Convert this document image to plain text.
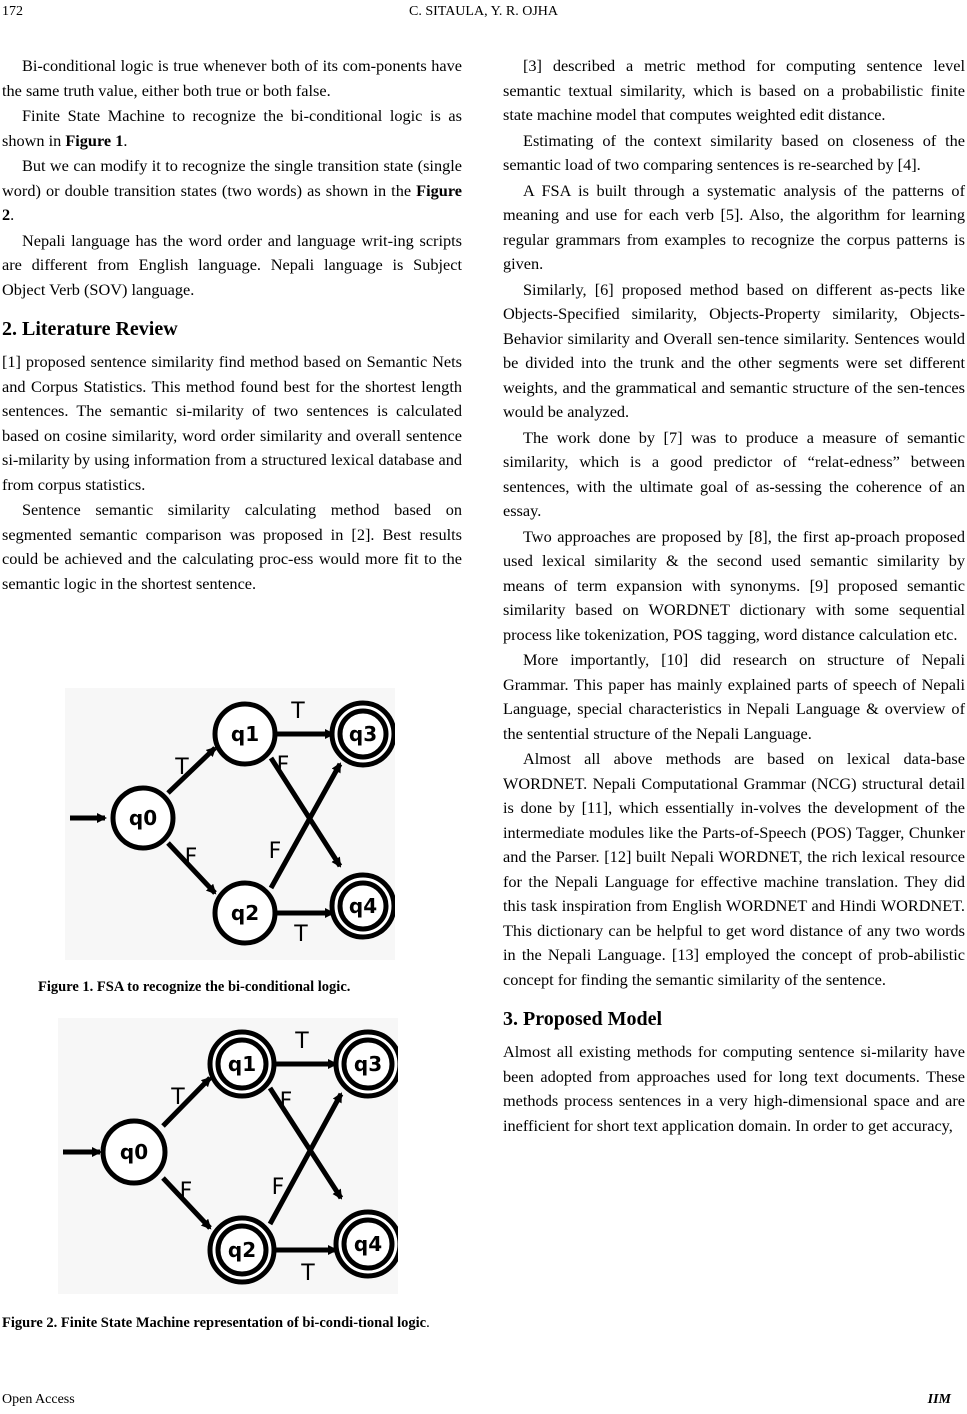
172	C. SITAULA, Y. R. OJHA

Bi-conditional logic is true whenever both of its com-ponents have the same truth value, either both true or both false.

Finite State Machine to recognize the bi-conditional logic is as shown in Figure 1.

But we can modify it to recognize the single transition state (single word) or double transition states (two words) as shown in the Figure 2.

Nepali language has the word order and language writ-ing scripts are different from English language. Nepali language is Subject Object Verb (SOV) language.

2. Literature Review

[1] proposed sentence similarity find method based on Semantic Nets and Corpus Statistics. This method found best for the shortest length sentences. The semantic si-milarity of two sentences is calculated based on cosine similarity, word order similarity and overall sentence si-milarity by using information from a structured lexical database and from corpus statistics.

Sentence semantic similarity calculating method based on segmented semantic comparison was proposed in [2]. Best results could be achieved and the calculating proc-ess would more fit to the semantic logic in the shortest sentence.

q0
q1
q2
q3
q4
T
F
T
F
F
T
Figure 1. FSA to recognize the bi-conditional logic.
q0
q1
q2
q3
q4
T
F
T
F
F
T
Figure 2. Finite State Machine representation of bi-condi-tional logic.

[3] described a metric method for computing sentence level semantic textual similarity, which is based on a probabilistic finite state machine model that computes weighted edit distance.

Estimating of the context similarity based on closeness of the semantic load of two comparing sentences is re-searched by [4].

A FSA is built through a systematic analysis of the patterns of meaning and use for each verb [5]. Also, the algorithm for learning regular grammars from examples to recognize the corpus patterns is given.

Similarly, [6] proposed method based on different as-pects like Objects-Specified similarity, Objects-Property similarity, Objects-Behavior similarity and Overall sen-tence similarity. Sentences would be divided into the trunk and the other segments were set different weights, and the grammatical and semantic structure of the sen-tences would be analyzed.

The work done by [7] was to produce a measure of semantic similarity, which is a good predictor of “relat-edness” between sentences, with the ultimate goal of as-sessing the coherence of an essay.

Two approaches are proposed by [8], the first ap-proach proposed used lexical similarity & the second used semantic similarity by means of term expansion with synonyms. [9] proposed semantic similarity based on WORDNET dictionary with some sequential process like tokenization, POS tagging, word distance calculation etc.

More importantly, [10] did research on structure of Nepali Grammar. This paper has mainly explained parts of speech of Nepali Language, special characteristics in Nepali Language & overview of the sentential structure of the Nepali Language.

Almost all above methods are based on lexical data-base WORDNET. Nepali Computational Grammar (NCG) structural detail is done by [11], which essentially in-volves the development of the intermediate modules like the Parts-of-Speech (POS) Tagger, Chunker and the Parser. [12] built Nepali WORDNET, the rich lexical resource for the Nepali Language for effective machine translation. They did this task inspiration from English WORDNET and Hindi WORDNET. This dictionary can be helpful to get word distance of any two words in the Nepali Language. [13] employed the concept of prob-abilistic concept for finding the semantic similarity of the sentence.

3. Proposed Model

Almost all existing methods for computing sentence si-milarity have been adopted from approaches used for long text documents. These methods process sentences in a very high-dimensional space and are inefficient for short text application domain. In order to get accuracy,

Open Access	IIM
